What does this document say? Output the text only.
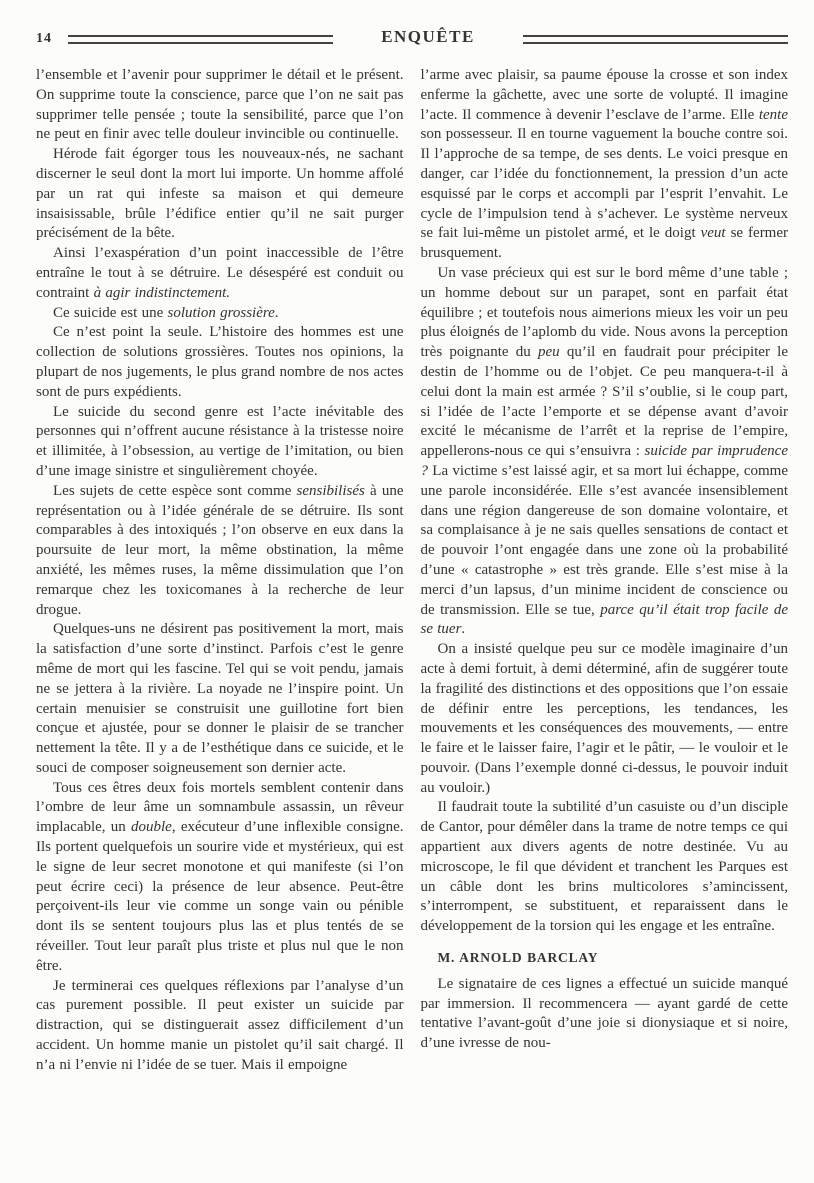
14	ENQUÊTE

l’ensemble et l’avenir pour supprimer le détail et le présent. On supprime toute la conscience, parce que l’on ne sait pas supprimer telle pensée ; toute la sensibilité, parce que l’on ne peut en finir avec telle douleur invincible ou continuelle.

Hérode fait égorger tous les nouveaux-nés, ne sachant discerner le seul dont la mort lui importe. Un homme affolé par un rat qui infeste sa maison et qui demeure insaisissable, brûle l’édifice entier qu’il ne sait purger précisément de la bête.

Ainsi l’exaspération d’un point inaccessible de l’être entraîne le tout à se détruire. Le désespéré est conduit ou contraint à agir indistinctement.

Ce suicide est une solution grossière.

Ce n’est point la seule. L’histoire des hommes est une collection de solutions grossières. Toutes nos opinions, la plupart de nos jugements, le plus grand nombre de nos actes sont de purs expédients.

Le suicide du second genre est l’acte inévitable des personnes qui n’offrent aucune résistance à la tristesse noire et illimitée, à l’obsession, au vertige de l’imitation, ou bien d’une image sinistre et singulièrement choyée.

Les sujets de cette espèce sont comme sensibilisés à une représentation ou à l’idée générale de se détruire. Ils sont comparables à des intoxiqués ; l’on observe en eux dans la poursuite de leur mort, la même obstination, la même anxiété, les mêmes ruses, la même dissimulation que l’on remarque chez les toxicomanes à la recherche de leur drogue.

Quelques-uns ne désirent pas positivement la mort, mais la satisfaction d’une sorte d’instinct. Parfois c’est le genre même de mort qui les fascine. Tel qui se voit pendu, jamais ne se jettera à la rivière. La noyade ne l’inspire point. Un certain menuisier se construisit une guillotine fort bien conçue et ajustée, pour se donner le plaisir de se trancher nettement la tête. Il y a de l’esthétique dans ce suicide, et le souci de composer soigneusement son dernier acte.

Tous ces êtres deux fois mortels semblent contenir dans l’ombre de leur âme un somnambule assassin, un rêveur implacable, un double, exécuteur d’une inflexible consigne. Ils portent quelquefois un sourire vide et mystérieux, qui est le signe de leur secret monotone et qui manifeste (si l’on peut écrire ceci) la présence de leur absence. Peut-être perçoivent-ils leur vie comme un songe vain ou pénible dont ils se sentent toujours plus las et plus tentés de se réveiller. Tout leur paraît plus triste et plus nul que le non être.

Je terminerai ces quelques réflexions par l’analyse d’un cas purement possible. Il peut exister un suicide par distraction, qui se distinguerait assez difficilement d’un accident. Un homme manie un pistolet qu’il sait chargé. Il n’a ni l’envie ni l’idée de se tuer. Mais il empoigne

l’arme avec plaisir, sa paume épouse la crosse et son index enferme la gâchette, avec une sorte de volupté. Il imagine l’acte. Il commence à devenir l’esclave de l’arme. Elle tente son possesseur. Il en tourne vaguement la bouche contre soi. Il l’approche de sa tempe, de ses dents. Le voici presque en danger, car l’idée du fonctionnement, la pression d’un acte esquissé par le corps et accompli par l’esprit l’envahit. Le cycle de l’impulsion tend à s’achever. Le système nerveux se fait lui-même un pistolet armé, et le doigt veut se fermer brusquement.

Un vase précieux qui est sur le bord même d’une table ; un homme debout sur un parapet, sont en parfait état équilibre ; et toutefois nous aimerions mieux les voir un peu plus éloignés de l’aplomb du vide. Nous avons la perception très poignante du peu qu’il en faudrait pour précipiter le destin de l’homme ou de l’objet. Ce peu manquera-t-il à celui dont la main est armée ? S’il s’oublie, si le coup part, si l’idée de l’acte l’emporte et se dépense avant d’avoir excité le mécanisme de l’arrêt et la reprise de l’empire, appellerons-nous ce qui s’ensuivra : suicide par imprudence ? La victime s’est laissé agir, et sa mort lui échappe, comme une parole inconsidérée. Elle s’est avancée insensiblement dans une région dangereuse de son domaine volontaire, et sa complaisance à je ne sais quelles sensations de contact et de pouvoir l’ont engagée dans une zone où la probabilité d’une « catastrophe » est très grande. Elle s’est mise à la merci d’un lapsus, d’un minime incident de conscience ou de transmission. Elle se tue, parce qu’il était trop facile de se tuer.

On a insisté quelque peu sur ce modèle imaginaire d’un acte à demi fortuit, à demi déterminé, afin de suggérer toute la fragilité des distinctions et des oppositions que l’on essaie de définir entre les perceptions, les tendances, les mouvements et les conséquences des mouvements, — entre le faire et le laisser faire, l’agir et le pâtir, — le vouloir et le pouvoir. (Dans l’exemple donné ci-dessus, le pouvoir induit au vouloir.)

Il faudrait toute la subtilité d’un casuiste ou d’un disciple de Cantor, pour démêler dans la trame de notre temps ce qui appartient aux divers agents de notre destinée. Vu au microscope, le fil que dévident et tranchent les Parques est un câble dont les brins multicolores s’amincissent, s’interrompent, se substituent, et reparaissent dans le développement de la torsion qui les engage et les entraîne.

M. ARNOLD BARCLAY

Le signataire de ces lignes a effectué un suicide manqué par immersion. Il recommencera — ayant gardé de cette tentative l’avant-goût d’une joie si dionysiaque et si noire, d’une ivresse de nou-
